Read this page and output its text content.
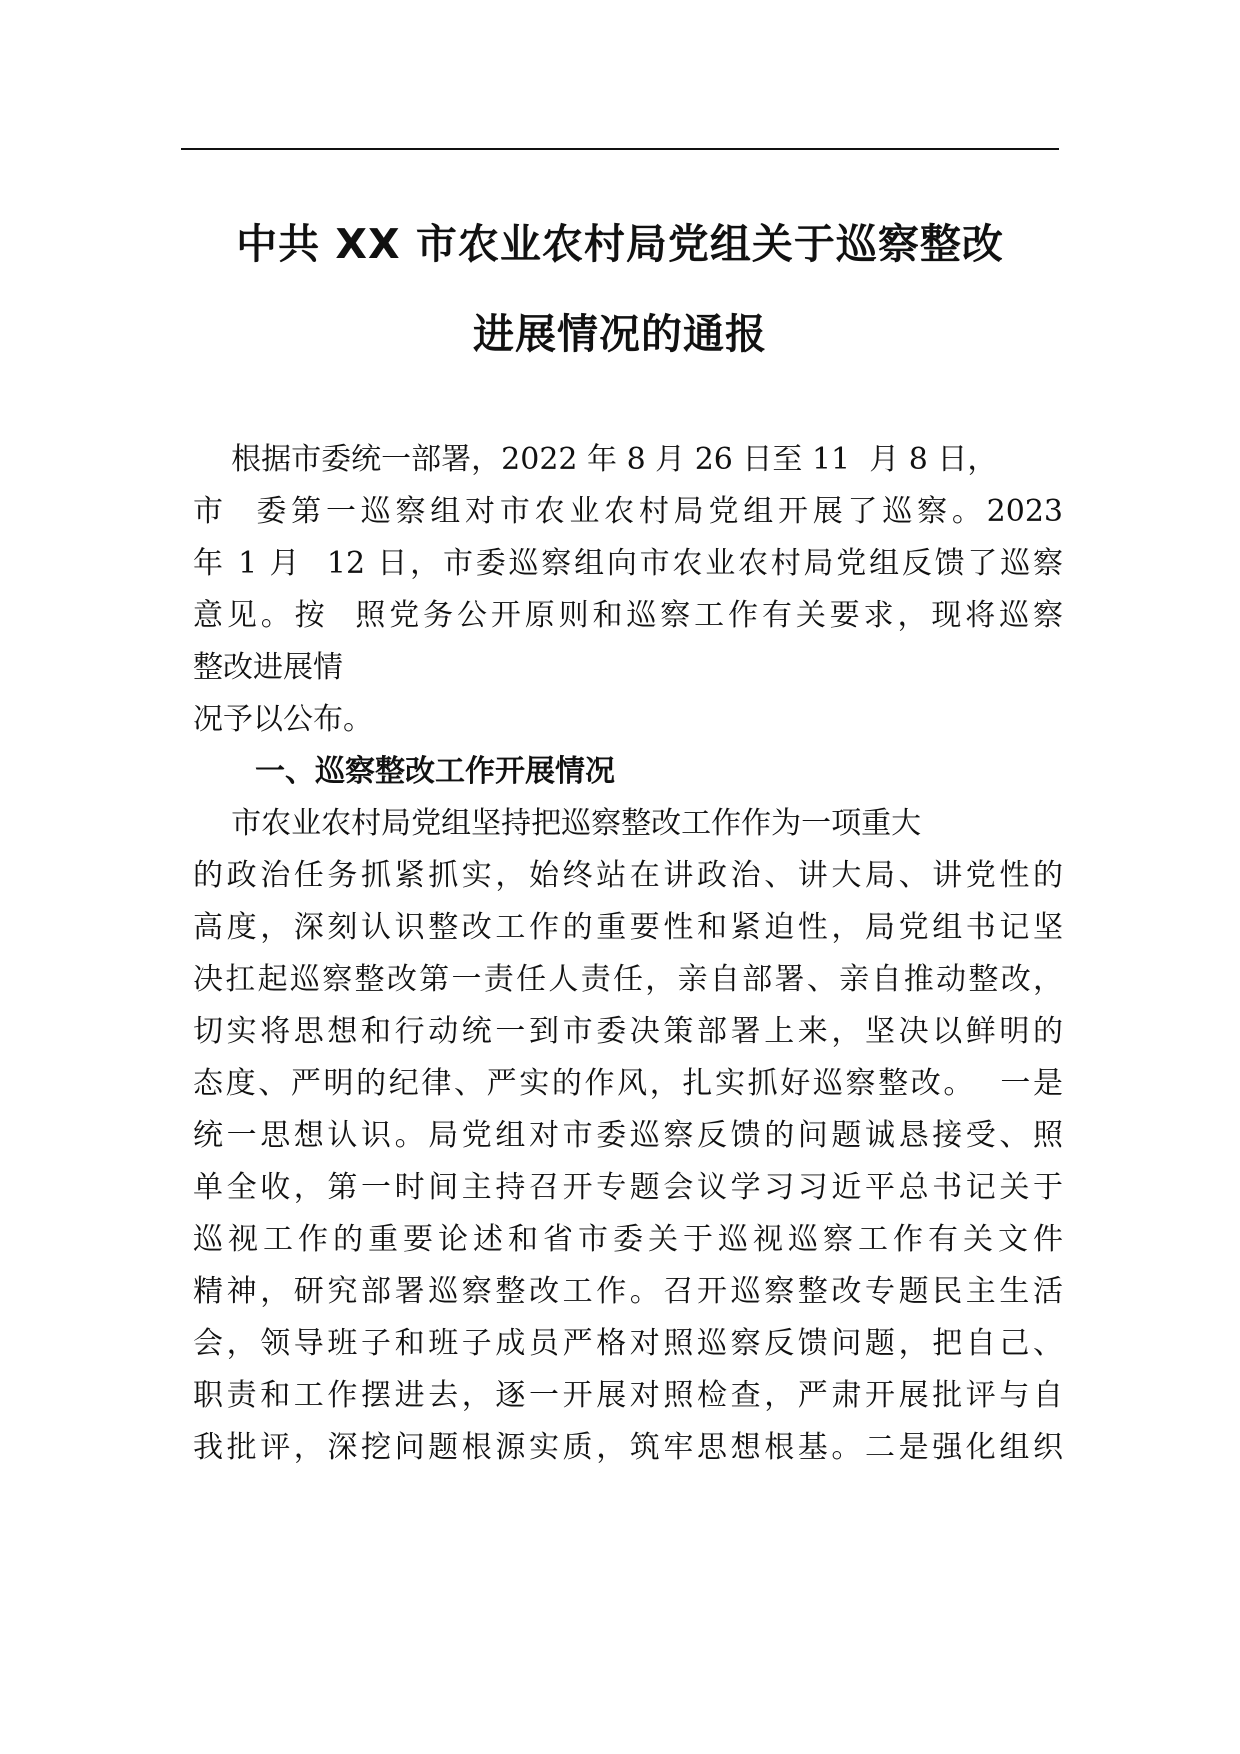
中共 XX 市农业农村局党组关于巡察整改
进展情况的通报
根据市委统一部署，2022 年 8 月 26 日至 11  月 8 日，
市  委第一巡察组对市农业农村局党组开展了巡察。2023
年 1 月  12 日，市委巡察组向市农业农村局党组反馈了巡察
意见。按  照党务公开原则和巡察工作有关要求，现将巡察
整改进展情
况予以公布。
一、巡察整改工作开展情况
市农业农村局党组坚持把巡察整改工作作为一项重大
的政治任务抓紧抓实，始终站在讲政治、讲大局、讲党性的
高度，深刻认识整改工作的重要性和紧迫性，局党组书记坚
决扛起巡察整改第一责任人责任，亲自部署、亲自推动整改，
切实将思想和行动统一到市委决策部署上来，坚决以鲜明的
态度、严明的纪律、严实的作风，扎实抓好巡察整改。  一是
统一思想认识。局党组对市委巡察反馈的问题诚恳接受、照
单全收，第一时间主持召开专题会议学习习近平总书记关于
巡视工作的重要论述和省市委关于巡视巡察工作有关文件
精神，研究部署巡察整改工作。召开巡察整改专题民主生活
会，领导班子和班子成员严格对照巡察反馈问题，把自己、
职责和工作摆进去，逐一开展对照检查，严肃开展批评与自
我批评，深挖问题根源实质，筑牢思想根基。二是强化组织
